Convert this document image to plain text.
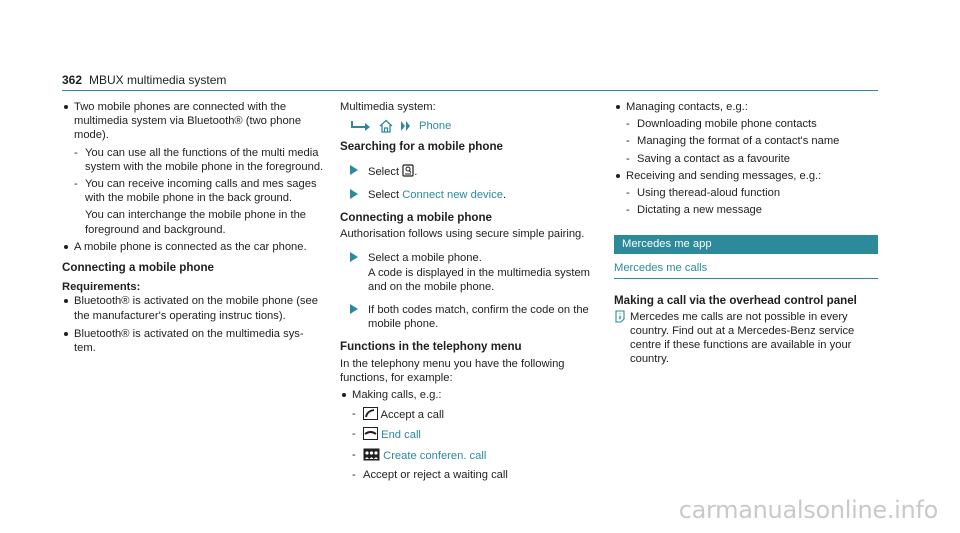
362 MBUX multimedia system
Two mobile phones are connected with the multimedia system via Bluetooth® (two phone mode).
- You can use all the functions of the multi media system with the mobile phone in the foreground.
- You can receive incoming calls and mes sages with the mobile phone in the back ground.
You can interchange the mobile phone in the foreground and background.
A mobile phone is connected as the car phone.
Connecting a mobile phone
Requirements:
Bluetooth® is activated on the mobile phone (see the manufacturer's operating instruc tions).
Bluetooth® is activated on the multimedia sys tem.
Multimedia system:
Phone
Searching for a mobile phone
Select .
Select Connect new device.
Connecting a mobile phone
Authorisation follows using secure simple pairing.
Select a mobile phone.
A code is displayed in the multimedia system and on the mobile phone.
If both codes match, confirm the code on the mobile phone.
Functions in the telephony menu
In the telephony menu you have the following functions, for example:
Making calls, e.g.:
- Accept a call
- End call
- Create conferen. call
- Accept or reject a waiting call
Managing contacts, e.g.:
- Downloading mobile phone contacts
- Managing the format of a contact's name
- Saving a contact as a favourite
Receiving and sending messages, e.g.:
- Using theread-aloud function
- Dictating a new message
Mercedes me app
Mercedes me calls
Making a call via the overhead control panel
Mercedes me calls are not possible in every country. Find out at a Mercedes-Benz service centre if these functions are available in your country.
carmanualsonline.info
